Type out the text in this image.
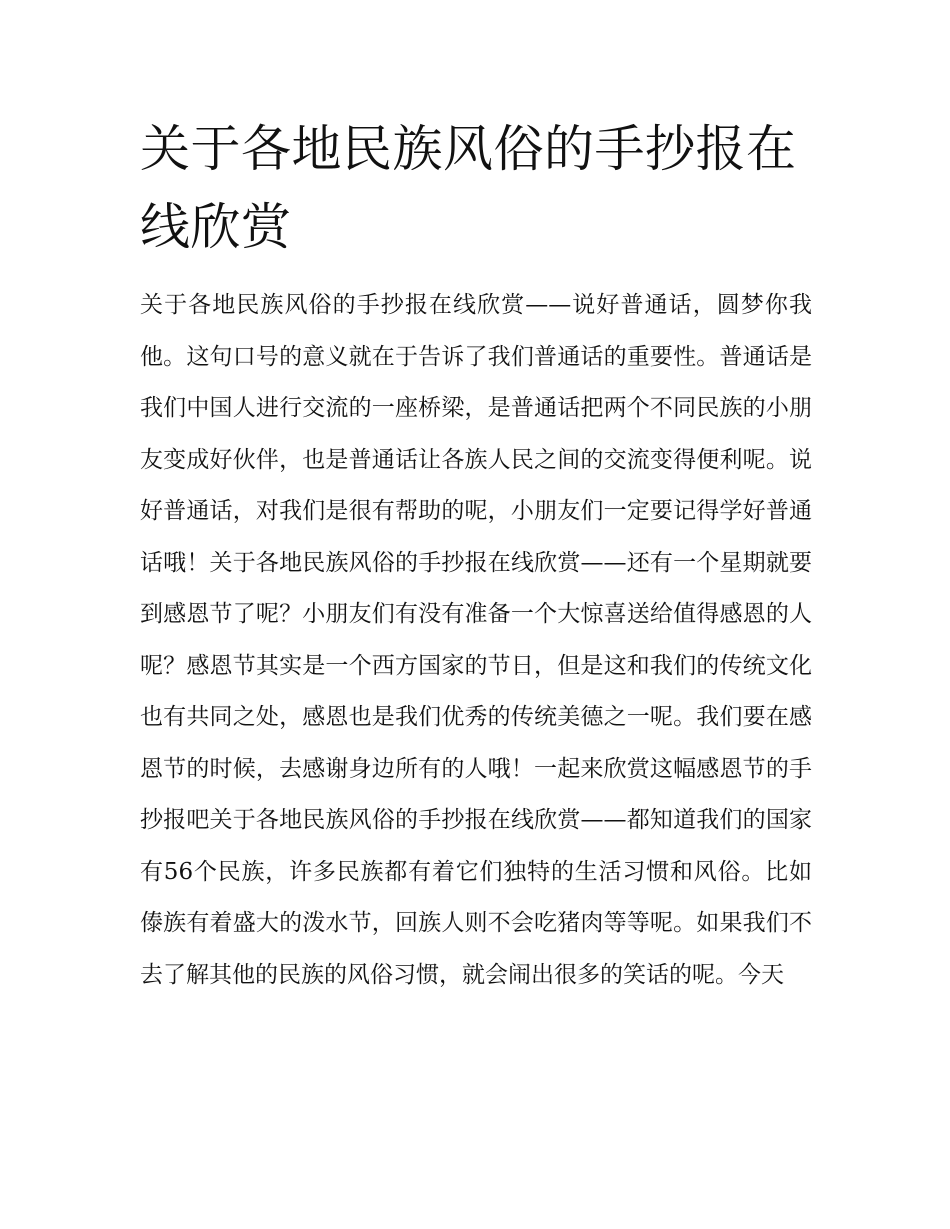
关于各地民族风俗的手抄报在线欣赏

关于各地民族风俗的手抄报在线欣赏——说好普通话，圆梦你我他。这句口号的意义就在于告诉了我们普通话的重要性。普通话是我们中国人进行交流的一座桥梁，是普通话把两个不同民族的小朋友变成好伙伴，也是普通话让各族人民之间的交流变得便利呢。说好普通话，对我们是很有帮助的呢，小朋友们一定要记得学好普通话哦！关于各地民族风俗的手抄报在线欣赏——还有一个星期就要到感恩节了呢？小朋友们有没有准备一个大惊喜送给值得感恩的人呢？感恩节其实是一个西方国家的节日，但是这和我们的传统文化也有共同之处，感恩也是我们优秀的传统美德之一呢。我们要在感恩节的时候，去感谢身边所有的人哦！一起来欣赏这幅感恩节的手抄报吧关于各地民族风俗的手抄报在线欣赏——都知道我们的国家有56个民族，许多民族都有着它们独特的生活习惯和风俗。比如傣族有着盛大的泼水节，回族人则不会吃猪肉等等呢。如果我们不去了解其他的民族的风俗习惯，就会闹出很多的笑话的呢。今天
